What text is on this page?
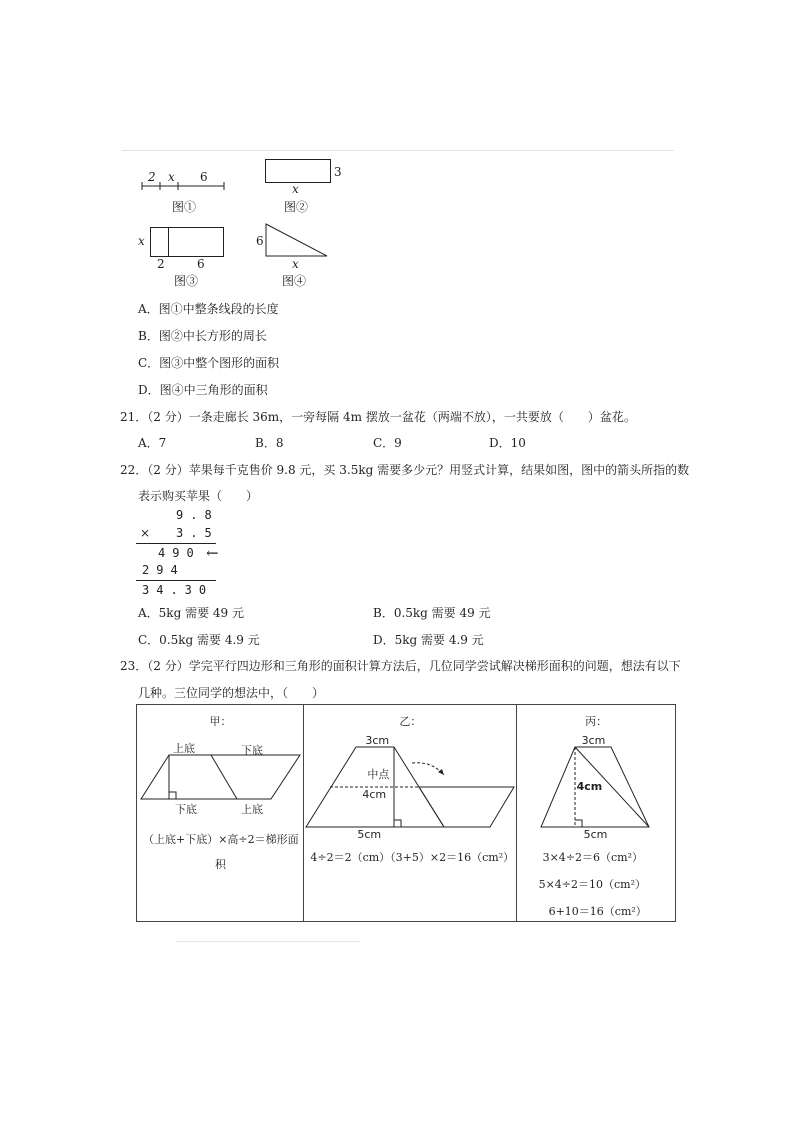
2 x 6
图①
3
x
图②
x
2	6
图③
6
x
图④
A．图①中整条线段的长度
B．图②中长方形的周长
C．图③中整个图形的面积
D．图④中三角形的面积
21．（2 分）一条走廊长 36m，一旁每隔 4m 摆放一盆花（两端不放），一共要放（　　）盆花。
A．7	B．8	C．9	D．10
22．（2 分）苹果每千克售价 9.8 元，买 3.5kg 需要多少元？用竖式计算，结果如图，图中的箭头所指的数
表示购买苹果（　　）
9.8
× 3.5
490 ←
294
34.30
A．5kg 需要 49 元	B．0.5kg 需要 49 元
C．0.5kg 需要 4.9 元	D．5kg 需要 4.9 元
23．（2 分）学完平行四边形和三角形的面积计算方法后，几位同学尝试解决梯形面积的问题，想法有以下
几种。三位同学的想法中，（　　）
甲：
上底	下底
下底	上底
（上底+下底）×高÷2＝梯形面
积

乙：
3cm
中点
4cm
5cm
4÷2＝2（cm）（3+5）×2＝16（cm²）

丙：
3cm
4cm
5cm
3×4÷2＝6（cm²）
5×4÷2＝10（cm²）
6+10＝16（cm²）
